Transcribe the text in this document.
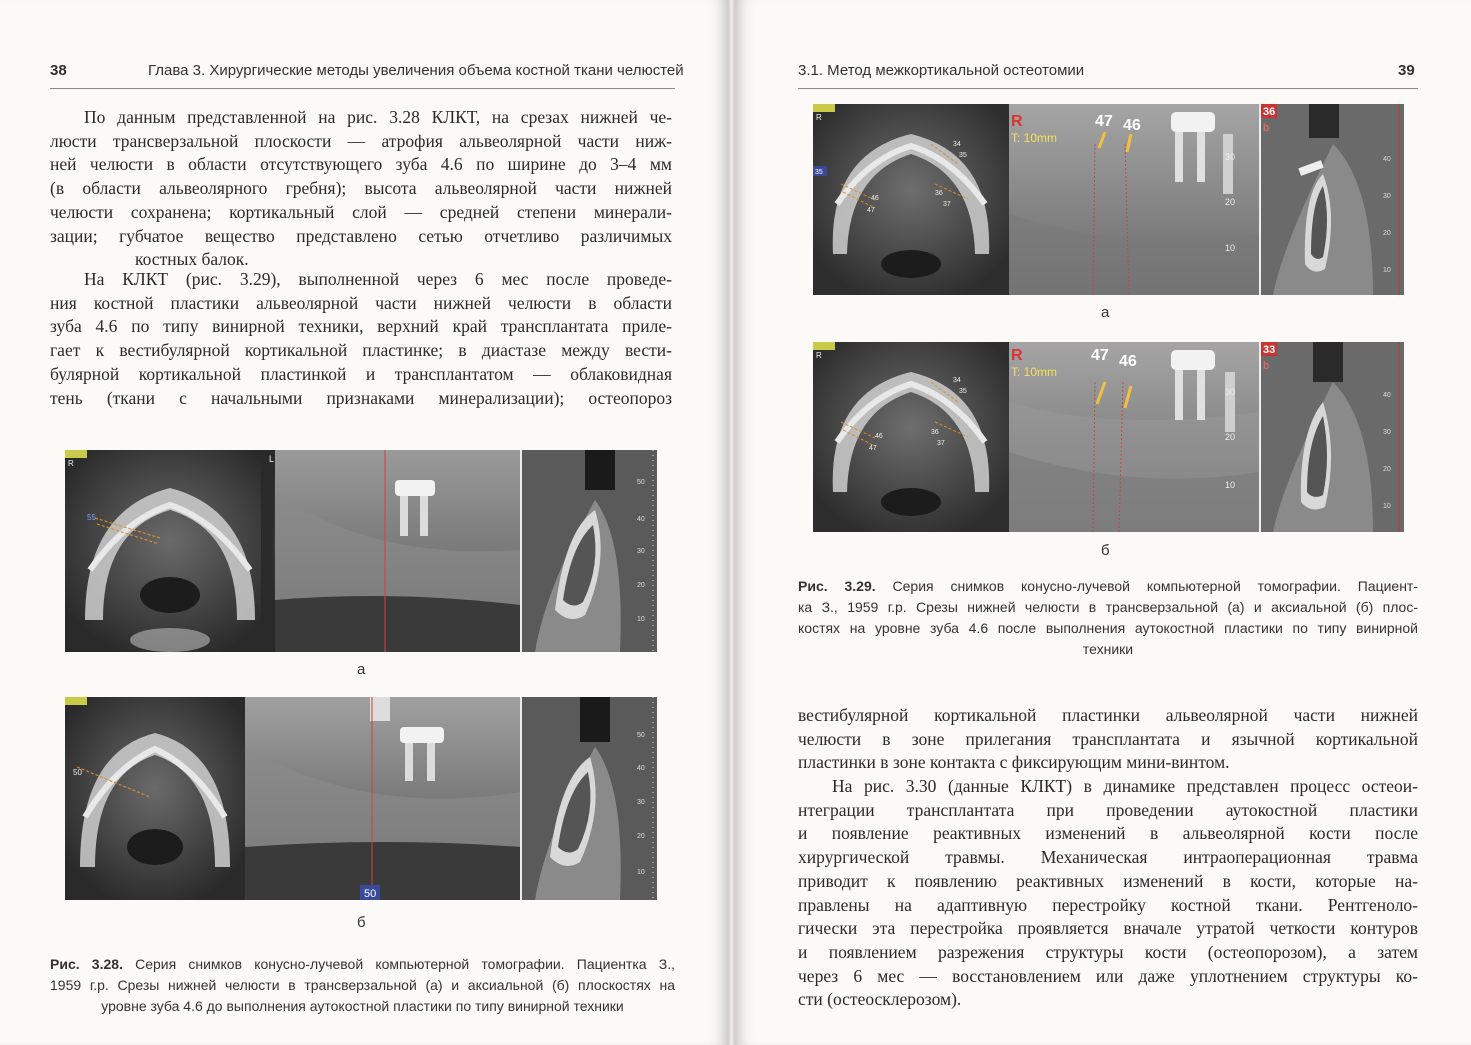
38	Глава 3. Хирургические методы увеличения объема костной ткани челюстей
По данным представленной на рис. 3.28 КЛКТ, на срезах нижней че-
люсти трансверзальной плоскости — атрофия альвеолярной части ниж-
ней челюсти в области отсутствующего зуба 4.6 по ширине до 3–4 мм
(в области альвеолярного гребня); высота альвеолярной части нижней
челюсти сохранена; кортикальный слой — средней степени минерали-
зации; губчатое вещество представлено сетью отчетливо различимых
костных балок.
На КЛКТ (рис. 3.29), выполненной через 6 мес после проведе-
ния костной пластики альвеолярной части нижней челюсти в области
зуба 4.6 по типу винирной техники, верхний край трансплантата приле-
гает к вестибулярной кортикальной пластинке; в диастазе между вести-
булярной кортикальной пластинкой и трансплантатом — облаковидная
тень (ткани с начальными признаками минерализации); остеопороз
R
55
L
50
40
30
20
10
а
50
50
50
40
30
20
10
б
Рис. 3.28. Серия снимков конусно-лучевой компьютерной томографии. Пациентка З.,
1959 г.р. Срезы нижней челюсти в трансверзальной (а) и аксиальной (б) плоскостях на
уровне зуба 4.6 до выполнения аутокостной пластики по типу винирной техники
3.1. Метод межкортикальной остеотомии	39
R
35
34
35
36
37
46
47
R
T: 10mm
47 46
30
20
10
36
b
40
30
20
10
а
R
34
35
36
37
46
47
R
T: 10mm
47 46
30
20
10
33
b
40
30
20
10
б
Рис. 3.29. Серия снимков конусно-лучевой компьютерной томографии. Пациент-
ка З., 1959 г.р. Срезы нижней челюсти в трансверзальной (а) и аксиальной (б) плос-
костях на уровне зуба 4.6 после выполнения аутокостной пластики по типу винирной
техники
вестибулярной кортикальной пластинки альвеолярной части нижней
челюсти в зоне прилегания трансплантата и язычной кортикальной
пластинки в зоне контакта с фиксирующим мини-винтом.
На рис. 3.30 (данные КЛКТ) в динамике представлен процесс остеои-
нтеграции трансплантата при проведении аутокостной пластики
и появление реактивных изменений в альвеолярной кости после
хирургической травмы. Механическая интраоперационная травма
приводит к появлению реактивных изменений в кости, которые на-
правлены на адаптивную перестройку костной ткани. Рентгеноло-
гически эта перестройка проявляется вначале утратой четкости контуров
и появлением разрежения структуры кости (остеопорозом), а затем
через 6 мес — восстановлением или даже уплотнением структуры ко-
сти (остеосклерозом).
